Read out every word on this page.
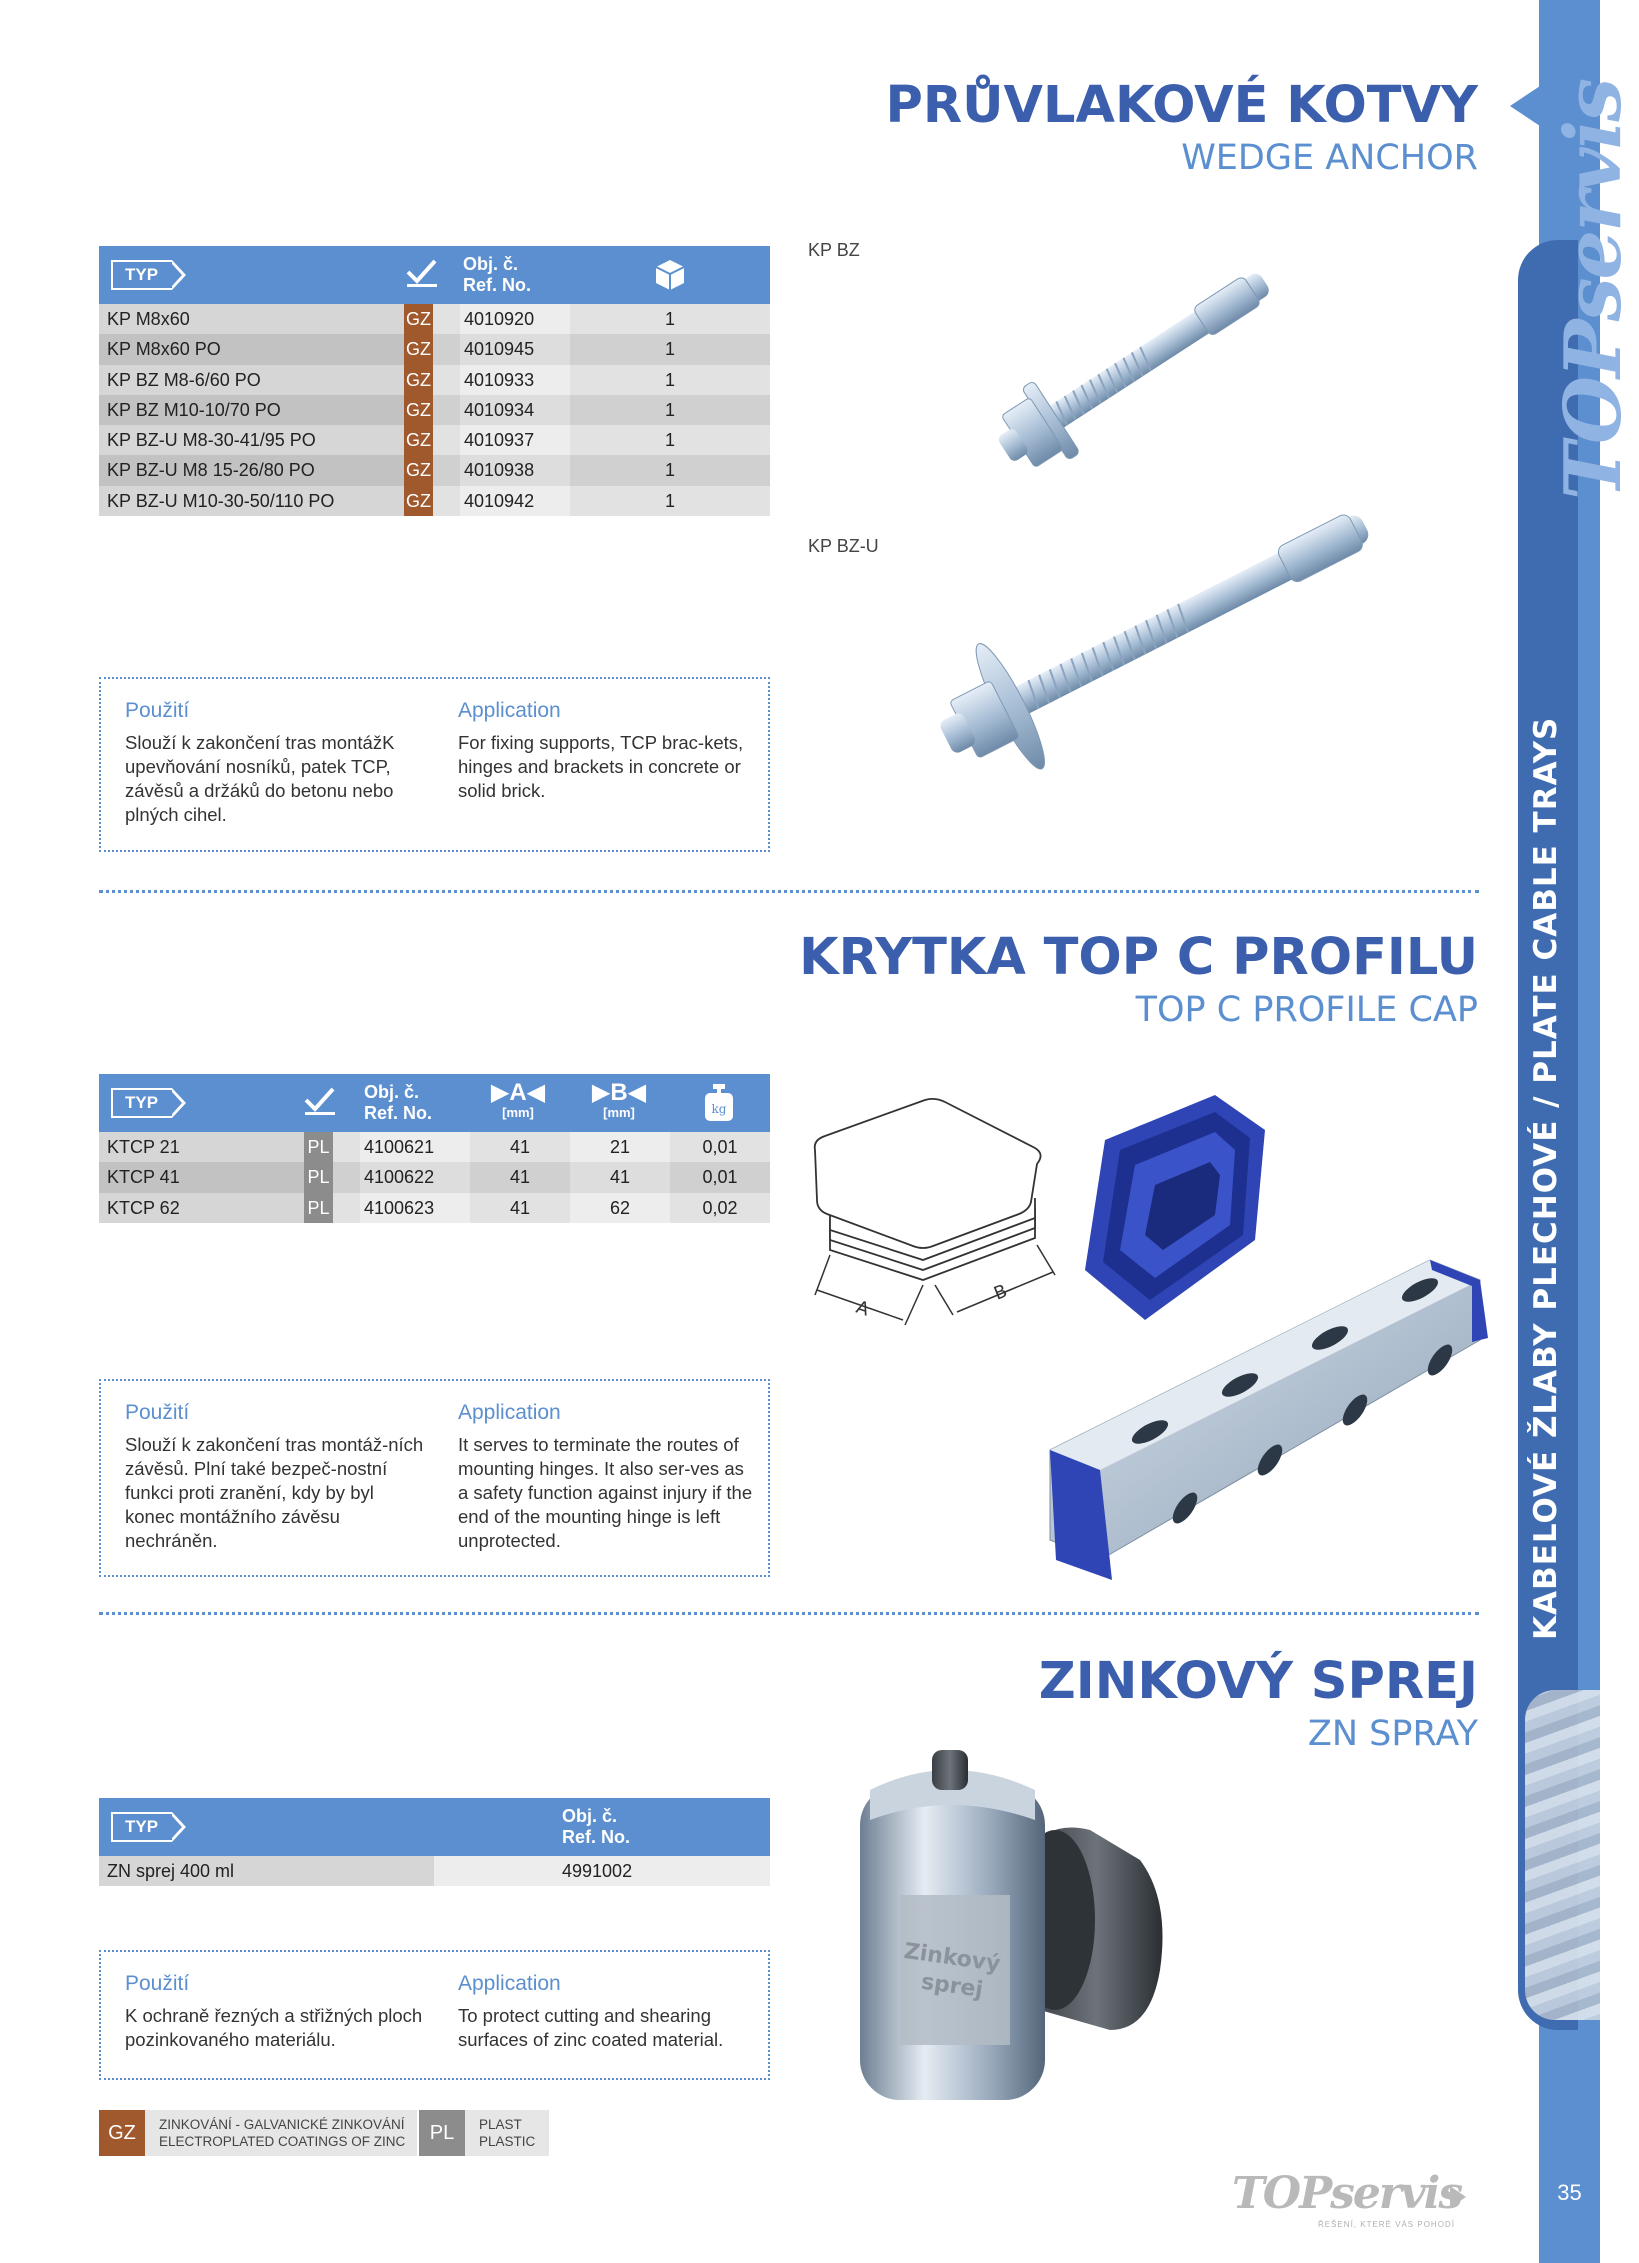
TOPservis
KABELOVÉ ŽLABY PLECHOVÉ / PLATE CABLE TRAYS
35
PRŮVLAKOVÉ KOTVY
WEDGE ANCHOR
TYP
Obj. č.
Ref. No.
KP M8x60	GZ 4010920	1
KP M8x60 PO	GZ 4010945	1
KP BZ M8-6/60 PO	GZ 4010933	1
KP BZ M10-10/70 PO	GZ 4010934	1
KP BZ-U M8-30-41/95 PO	GZ 4010937	1
KP BZ-U M8 15-26/80 PO	GZ 4010938	1
KP BZ-U M10-30-50/110 PO	GZ 4010942	1
KP BZ
KP BZ-U
Použití
Slouží k zakončení tras montážK upevňování nosníků, patek TCP, závěsů a držáků do betonu nebo plných cihel.
Application
For fixing supports, TCP brac-kets, hinges and brackets in concrete or solid brick.
KRYTKA TOP C PROFILU
TOP C PROFILE CAP
TYP
Obj. č.
Ref. No.
▶A◀
[mm]
▶B◀
[mm]	kg
KTCP 21	PL 4100621	41	21	0,01
KTCP 41	PL 4100622	41	41	0,01
KTCP 62	PL 4100623	41	62	0,02
A
B
Použití
Slouží k zakončení tras montáž-ních závěsů. Plní také bezpeč-nostní funkci proti zranění, kdy by byl konec montážního závěsu nechráněn.
Application
It serves to terminate the routes of mounting hinges. It also ser-ves as a safety function against injury if the end of the mounting hinge is left unprotected.
ZINKOVÝ SPREJ
ZN SPRAY
TYP
Obj. č.
Ref. No.
ZN sprej 400 ml	4991002
Zinkový sprej
Použití
K ochraně řezných a střižných ploch pozinkovaného materiálu.
Application
To protect cutting and shearing surfaces of zinc coated material.
GZ	ZINKOVÁNÍ - GALVANICKÉ ZINKOVÁNÍ
ELECTROPLATED COATINGS OF ZINC	PL	PLAST
PLASTIC
TOPservis
ŘEŠENÍ, KTERÉ VÁS POHODÍ
